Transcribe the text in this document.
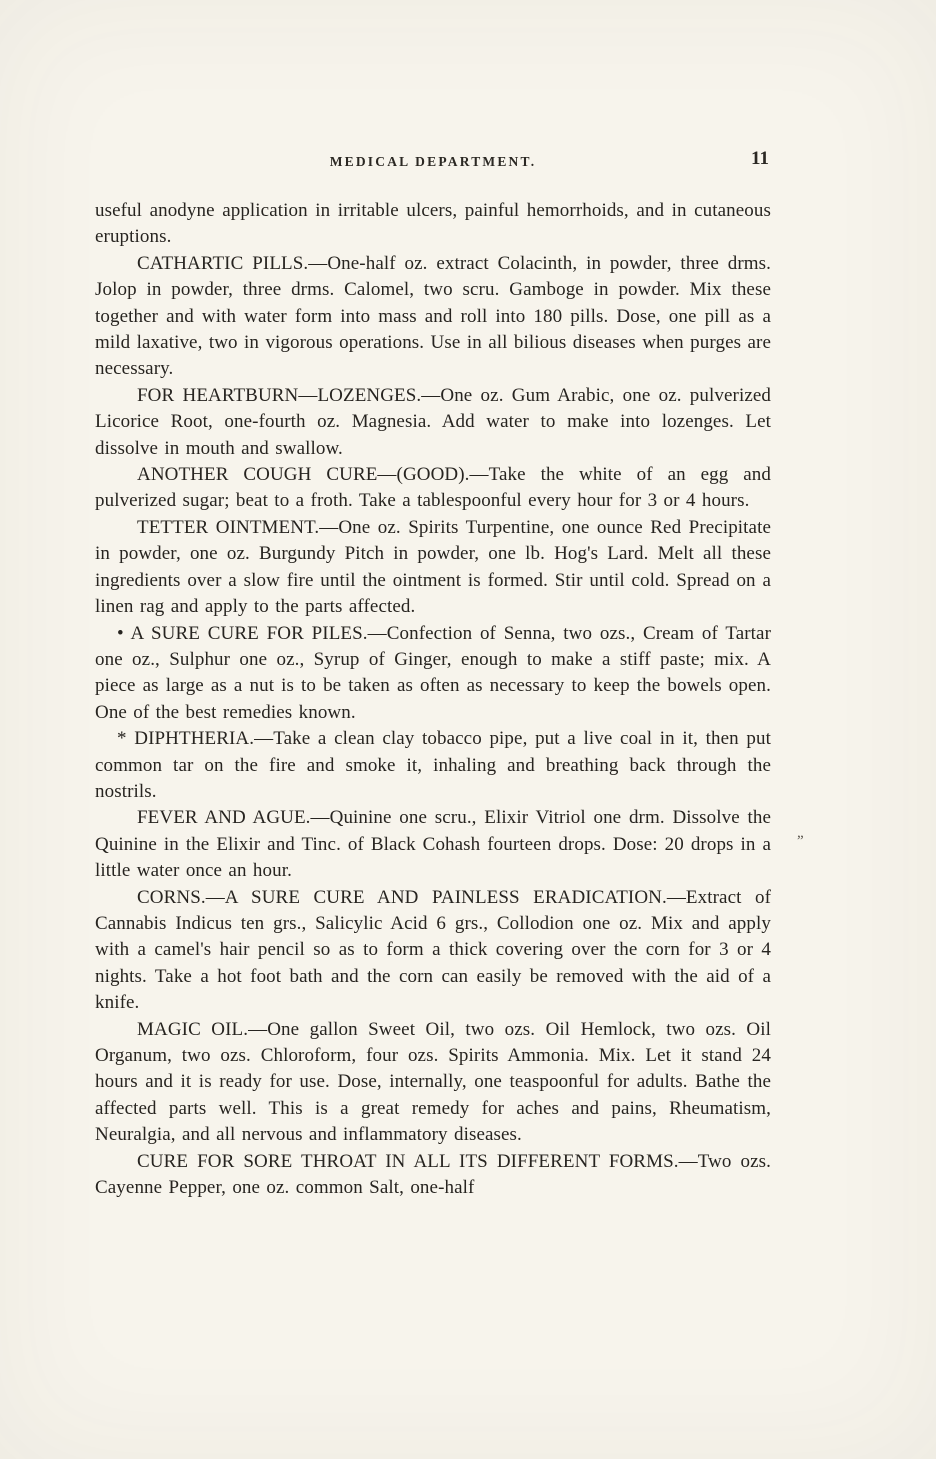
MEDICAL DEPARTMENT.	11

useful anodyne application in irritable ulcers, painful hemorrhoids, and in cutaneous eruptions.

CATHARTIC PILLS.—One-half oz. extract Colacinth, in powder, three drms. Jolop in powder, three drms. Calomel, two scru. Gamboge in powder. Mix these together and with water form into mass and roll into 180 pills. Dose, one pill as a mild laxative, two in vigorous operations. Use in all bilious diseases when purges are necessary.

FOR HEARTBURN—LOZENGES.—One oz. Gum Arabic, one oz. pulverized Licorice Root, one-fourth oz. Magnesia. Add water to make into lozenges. Let dissolve in mouth and swallow.

ANOTHER COUGH CURE—(GOOD).—Take the white of an egg and pulverized sugar; beat to a froth. Take a tablespoonful every hour for 3 or 4 hours.

TETTER OINTMENT.—One oz. Spirits Turpentine, one ounce Red Precipitate in powder, one oz. Burgundy Pitch in powder, one lb. Hog's Lard. Melt all these ingredients over a slow fire until the ointment is formed. Stir until cold. Spread on a linen rag and apply to the parts affected.

• A SURE CURE FOR PILES.—Confection of Senna, two ozs., Cream of Tartar one oz., Sulphur one oz., Syrup of Ginger, enough to make a stiff paste; mix. A piece as large as a nut is to be taken as often as necessary to keep the bowels open. One of the best remedies known.

* DIPHTHERIA.—Take a clean clay tobacco pipe, put a live coal in it, then put common tar on the fire and smoke it, inhaling and breathing back through the nostrils.

FEVER AND AGUE.—Quinine one scru., Elixir Vitriol one drm. Dissolve the Quinine in the Elixir and Tinc. of Black Cohash fourteen drops. Dose: 20 drops in a little water once an hour.

CORNS.—A SURE CURE AND PAINLESS ERADICATION.—Extract of Cannabis Indicus ten grs., Salicylic Acid 6 grs., Collodion one oz. Mix and apply with a camel's hair pencil so as to form a thick covering over the corn for 3 or 4 nights. Take a hot foot bath and the corn can easily be removed with the aid of a knife.

MAGIC OIL.—One gallon Sweet Oil, two ozs. Oil Hemlock, two ozs. Oil Organum, two ozs. Chloroform, four ozs. Spirits Ammonia. Mix. Let it stand 24 hours and it is ready for use. Dose, internally, one teaspoonful for adults. Bathe the affected parts well. This is a great remedy for aches and pains, Rheumatism, Neuralgia, and all nervous and inflammatory diseases.

CURE FOR SORE THROAT IN ALL ITS DIFFERENT FORMS.—Two ozs. Cayenne Pepper, one oz. common Salt, one-half

”
